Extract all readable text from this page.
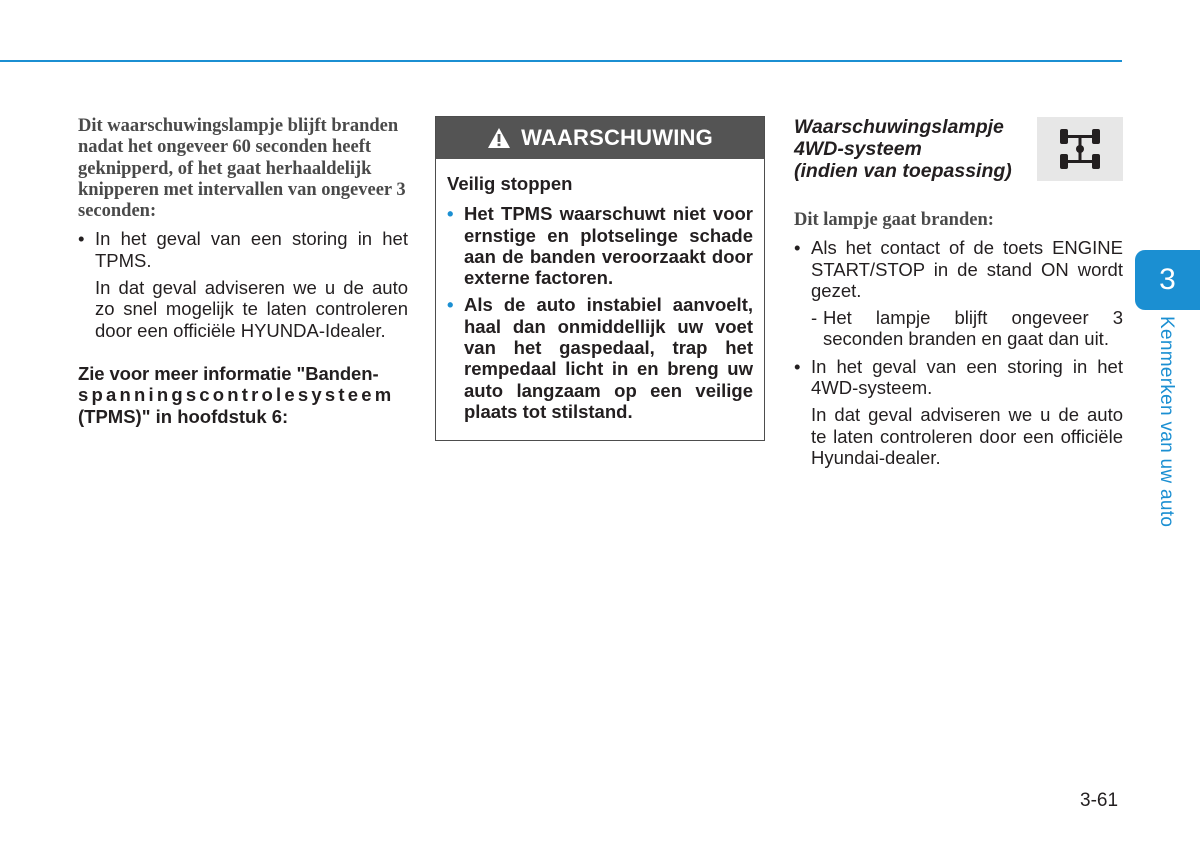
Dit waarschuwingslampje blijft branden nadat het ongeveer 60 seconden heeft geknipperd, of het gaat herhaaldelijk knipperen met intervallen van ongeveer 3 seconden:

• In het geval van een storing in het TPMS.

In dat geval adviseren we u de auto zo snel mogelijk te laten controleren door een officiële HYUNDA-Idealer.

Zie voor meer informatie "Banden-
spanningscontrolesysteem
(TPMS)" in hoofdstuk 6:
WAARSCHUWING

Veilig stoppen

• Het TPMS waarschuwt niet voor ernstige en plotselinge schade aan de banden veroorzaakt door externe factoren.
• Als de auto instabiel aanvoelt, haal dan onmiddellijk uw voet van het gaspedaal, trap het rempedaal licht in en breng uw auto langzaam op een veilige plaats tot stilstand.
Waarschuwingslampje
4WD-systeem
(indien van toepassing)

Dit lampje gaat branden:

• Als het contact of de toets ENGINE START/STOP in de stand ON wordt gezet.
- Het lampje blijft ongeveer 3 seconden branden en gaat dan uit.
• In het geval van een storing in het 4WD-systeem.

In dat geval adviseren we u de auto te laten controleren door een officiële Hyundai-dealer.

3
Kenmerken van uw auto
3-61
